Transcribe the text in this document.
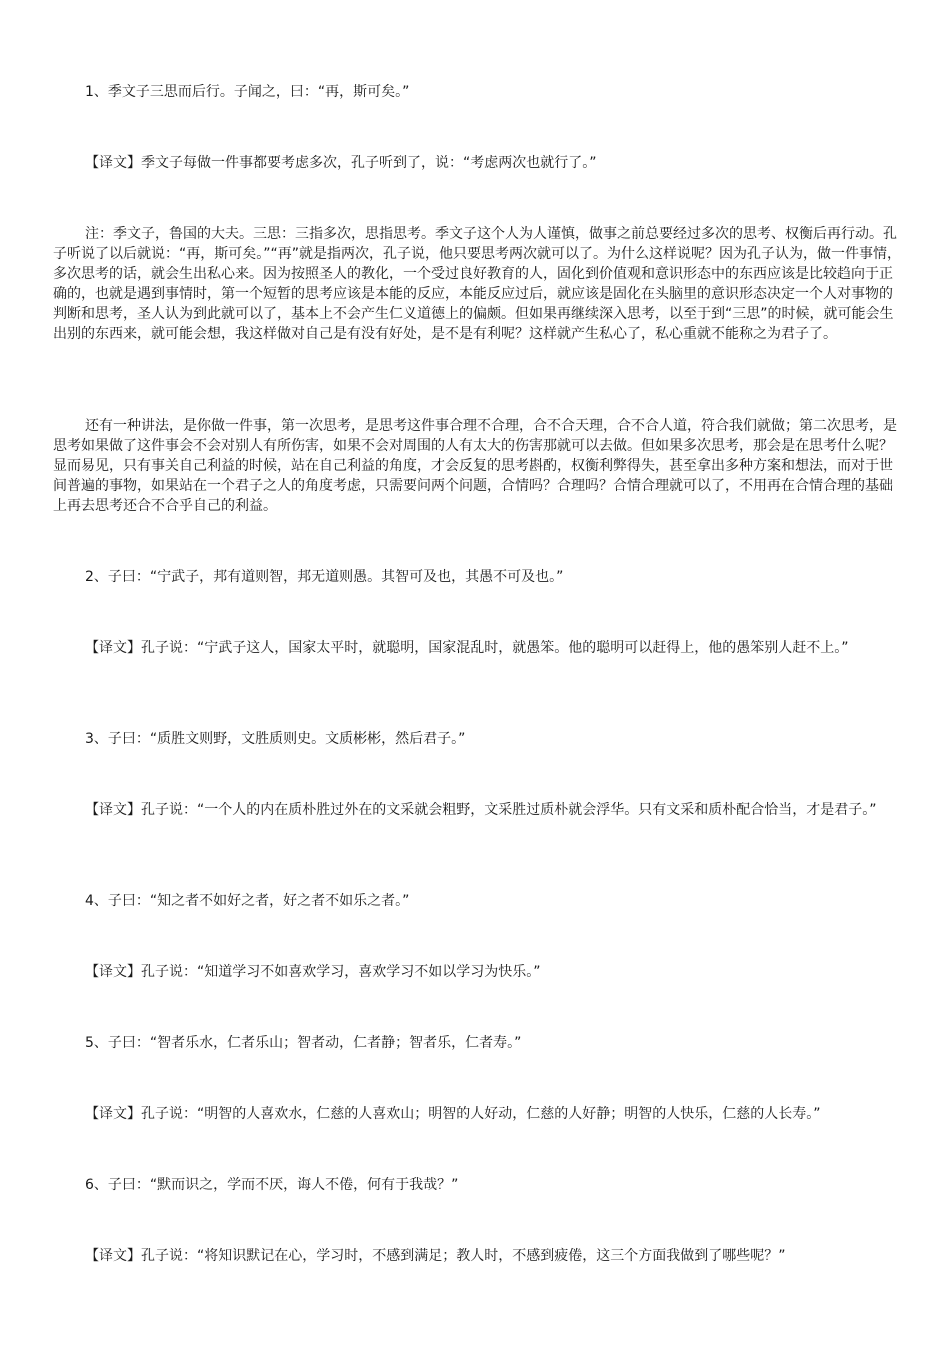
1、季文子三思而后行。子闻之，曰：“再，斯可矣。”

【译文】季文子每做一件事都要考虑多次，孔子听到了，说：“考虑两次也就行了。”

注：季文子，鲁国的大夫。三思：三指多次，思指思考。季文子这个人为人谨慎，做事之前总要经过多次的思考、权衡后再行动。孔子听说了以后就说：“再，斯可矣。”“再”就是指两次，孔子说，他只要思考两次就可以了。为什么这样说呢？因为孔子认为，做一件事情，多次思考的话，就会生出私心来。因为按照圣人的教化，一个受过良好教育的人，固化到价值观和意识形态中的东西应该是比较趋向于正确的，也就是遇到事情时，第一个短暂的思考应该是本能的反应，本能反应过后，就应该是固化在头脑里的意识形态决定一个人对事物的判断和思考，圣人认为到此就可以了，基本上不会产生仁义道德上的偏颇。但如果再继续深入思考，以至于到“三思”的时候，就可能会生出别的东西来，就可能会想，我这样做对自己是有没有好处，是不是有利呢？这样就产生私心了，私心重就不能称之为君子了。

还有一种讲法，是你做一件事，第一次思考，是思考这件事合理不合理，合不合天理，合不合人道，符合我们就做；第二次思考，是思考如果做了这件事会不会对别人有所伤害，如果不会对周围的人有太大的伤害那就可以去做。但如果多次思考，那会是在思考什么呢？显而易见，只有事关自己利益的时候，站在自己利益的角度，才会反复的思考斟酌，权衡利弊得失，甚至拿出多种方案和想法，而对于世间普遍的事物，如果站在一个君子之人的角度考虑，只需要问两个问题，合情吗？合理吗？合情合理就可以了，不用再在合情合理的基础上再去思考还合不合乎自己的利益。

2、子曰：“宁武子，邦有道则智，邦无道则愚。其智可及也，其愚不可及也。”

【译文】孔子说：“宁武子这人，国家太平时，就聪明，国家混乱时，就愚笨。他的聪明可以赶得上，他的愚笨别人赶不上。”

3、子曰：“质胜文则野，文胜质则史。文质彬彬，然后君子。”

【译文】孔子说：“一个人的内在质朴胜过外在的文采就会粗野，文采胜过质朴就会浮华。只有文采和质朴配合恰当，才是君子。”

4、子曰：“知之者不如好之者，好之者不如乐之者。”

【译文】孔子说：“知道学习不如喜欢学习，喜欢学习不如以学习为快乐。”

5、子曰：“智者乐水，仁者乐山；智者动，仁者静；智者乐，仁者寿。”

【译文】孔子说：“明智的人喜欢水，仁慈的人喜欢山；明智的人好动，仁慈的人好静；明智的人快乐，仁慈的人长寿。”

6、子曰：“默而识之，学而不厌，诲人不倦，何有于我哉？”

【译文】孔子说：“将知识默记在心，学习时，不感到满足；教人时，不感到疲倦，这三个方面我做到了哪些呢？”
